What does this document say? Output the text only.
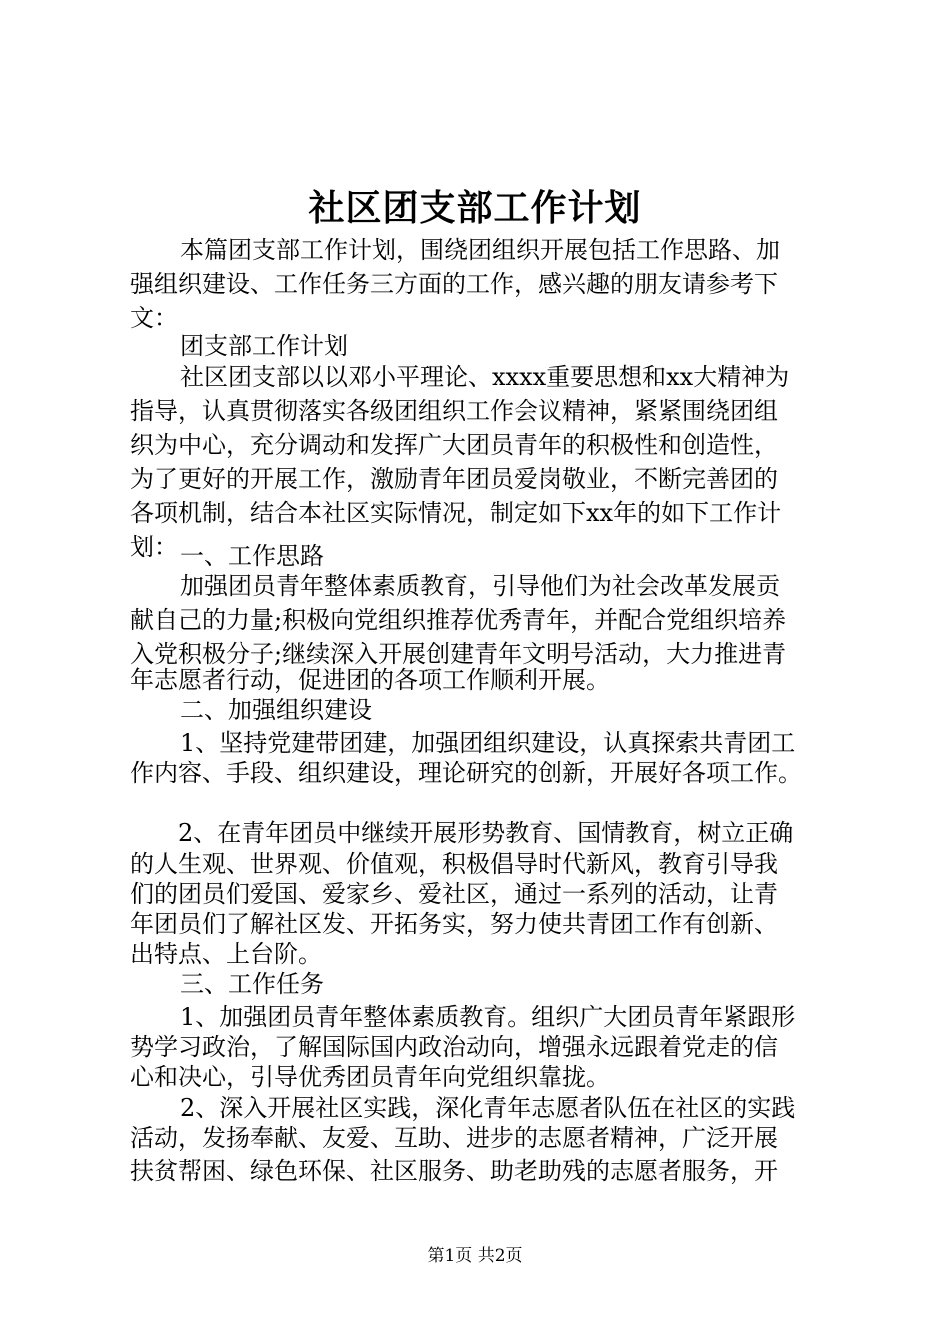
社区团支部工作计划
本篇团支部工作计划，围绕团组织开展包括工作思路、加
强组织建设、工作任务三方面的工作，感兴趣的朋友请参考下
文：
团支部工作计划
社区团支部以以邓小平理论、xxxx重要思想和xx大精神为
指导，认真贯彻落实各级团组织工作会议精神，紧紧围绕团组
织为中心，充分调动和发挥广大团员青年的积极性和创造性，
为了更好的开展工作，激励青年团员爱岗敬业，不断完善团的
各项机制，结合本社区实际情况，制定如下xx年的如下工作计
划： 一、工作思路
加强团员青年整体素质教育，引导他们为社会改革发展贡
献自己的力量;积极向党组织推荐优秀青年，并配合党组织培养
入党积极分子;继续深入开展创建青年文明号活动，大力推进青
年志愿者行动，促进团的各项工作顺利开展。
二、加强组织建设
1、坚持党建带团建，加强团组织建设，认真探索共青团工
作内容、手段、组织建设，理论研究的创新，开展好各项工作。
2、在青年团员中继续开展形势教育、国情教育，树立正确
的人生观、世界观、价值观，积极倡导时代新风，教育引导我
们的团员们爱国、爱家乡、爱社区，通过一系列的活动，让青
年团员们了解社区发、开拓务实，努力使共青团工作有创新、
出特点、上台阶。
三、工作任务
1、加强团员青年整体素质教育。组织广大团员青年紧跟形
势学习政治，了解国际国内政治动向，增强永远跟着党走的信
心和决心，引导优秀团员青年向党组织靠拢。
2、深入开展社区实践，深化青年志愿者队伍在社区的实践
活动，发扬奉献、友爱、互助、进步的志愿者精神，广泛开展
扶贫帮困、绿色环保、社区服务、助老助残的志愿者服务，开
第1页 共2页
